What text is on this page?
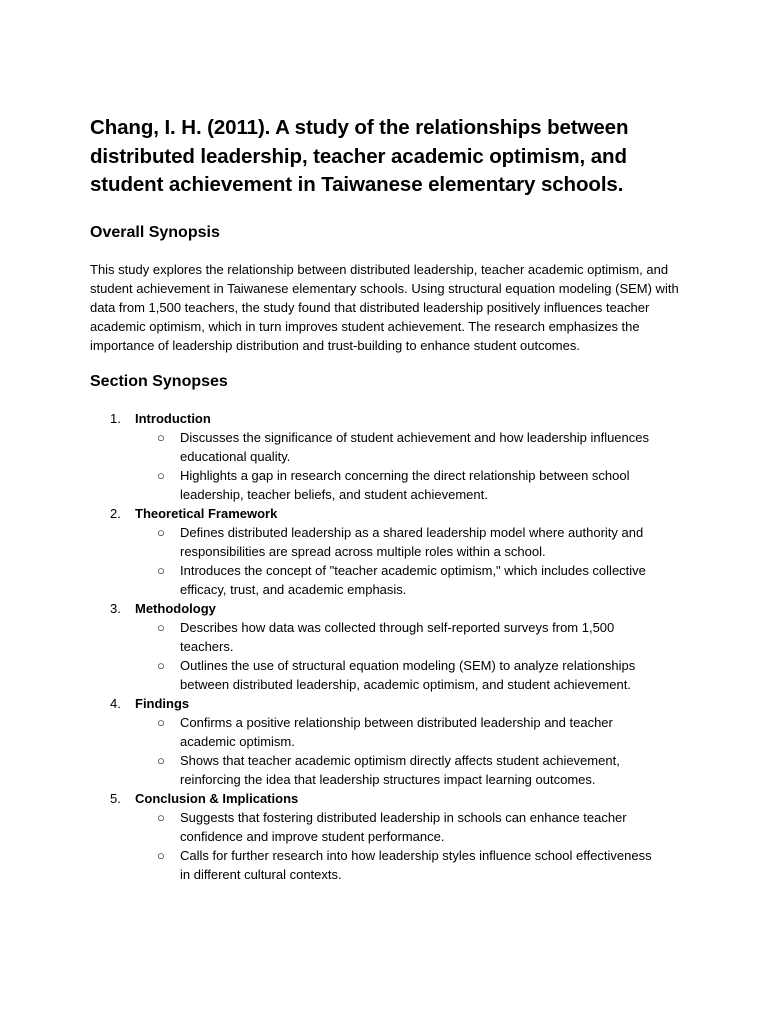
Chang, I. H. (2011). A study of the relationships between distributed leadership, teacher academic optimism, and student achievement in Taiwanese elementary schools.
Overall Synopsis

This study explores the relationship between distributed leadership, teacher academic optimism, and student achievement in Taiwanese elementary schools. Using structural equation modeling (SEM) with data from 1,500 teachers, the study found that distributed leadership positively influences teacher academic optimism, which in turn improves student achievement. The research emphasizes the importance of leadership distribution and trust-building to enhance student outcomes.

Section Synopses
1. Introduction
○ Discusses the significance of student achievement and how leadership influences educational quality.
○ Highlights a gap in research concerning the direct relationship between school leadership, teacher beliefs, and student achievement.
2. Theoretical Framework
○ Defines distributed leadership as a shared leadership model where authority and responsibilities are spread across multiple roles within a school.
○ Introduces the concept of "teacher academic optimism," which includes collective efficacy, trust, and academic emphasis.
3. Methodology
○ Describes how data was collected through self-reported surveys from 1,500 teachers.
○ Outlines the use of structural equation modeling (SEM) to analyze relationships between distributed leadership, academic optimism, and student achievement.
4. Findings
○ Confirms a positive relationship between distributed leadership and teacher academic optimism.
○ Shows that teacher academic optimism directly affects student achievement, reinforcing the idea that leadership structures impact learning outcomes.
5. Conclusion & Implications
○ Suggests that fostering distributed leadership in schools can enhance teacher confidence and improve student performance.
○ Calls for further research into how leadership styles influence school effectiveness in different cultural contexts.
